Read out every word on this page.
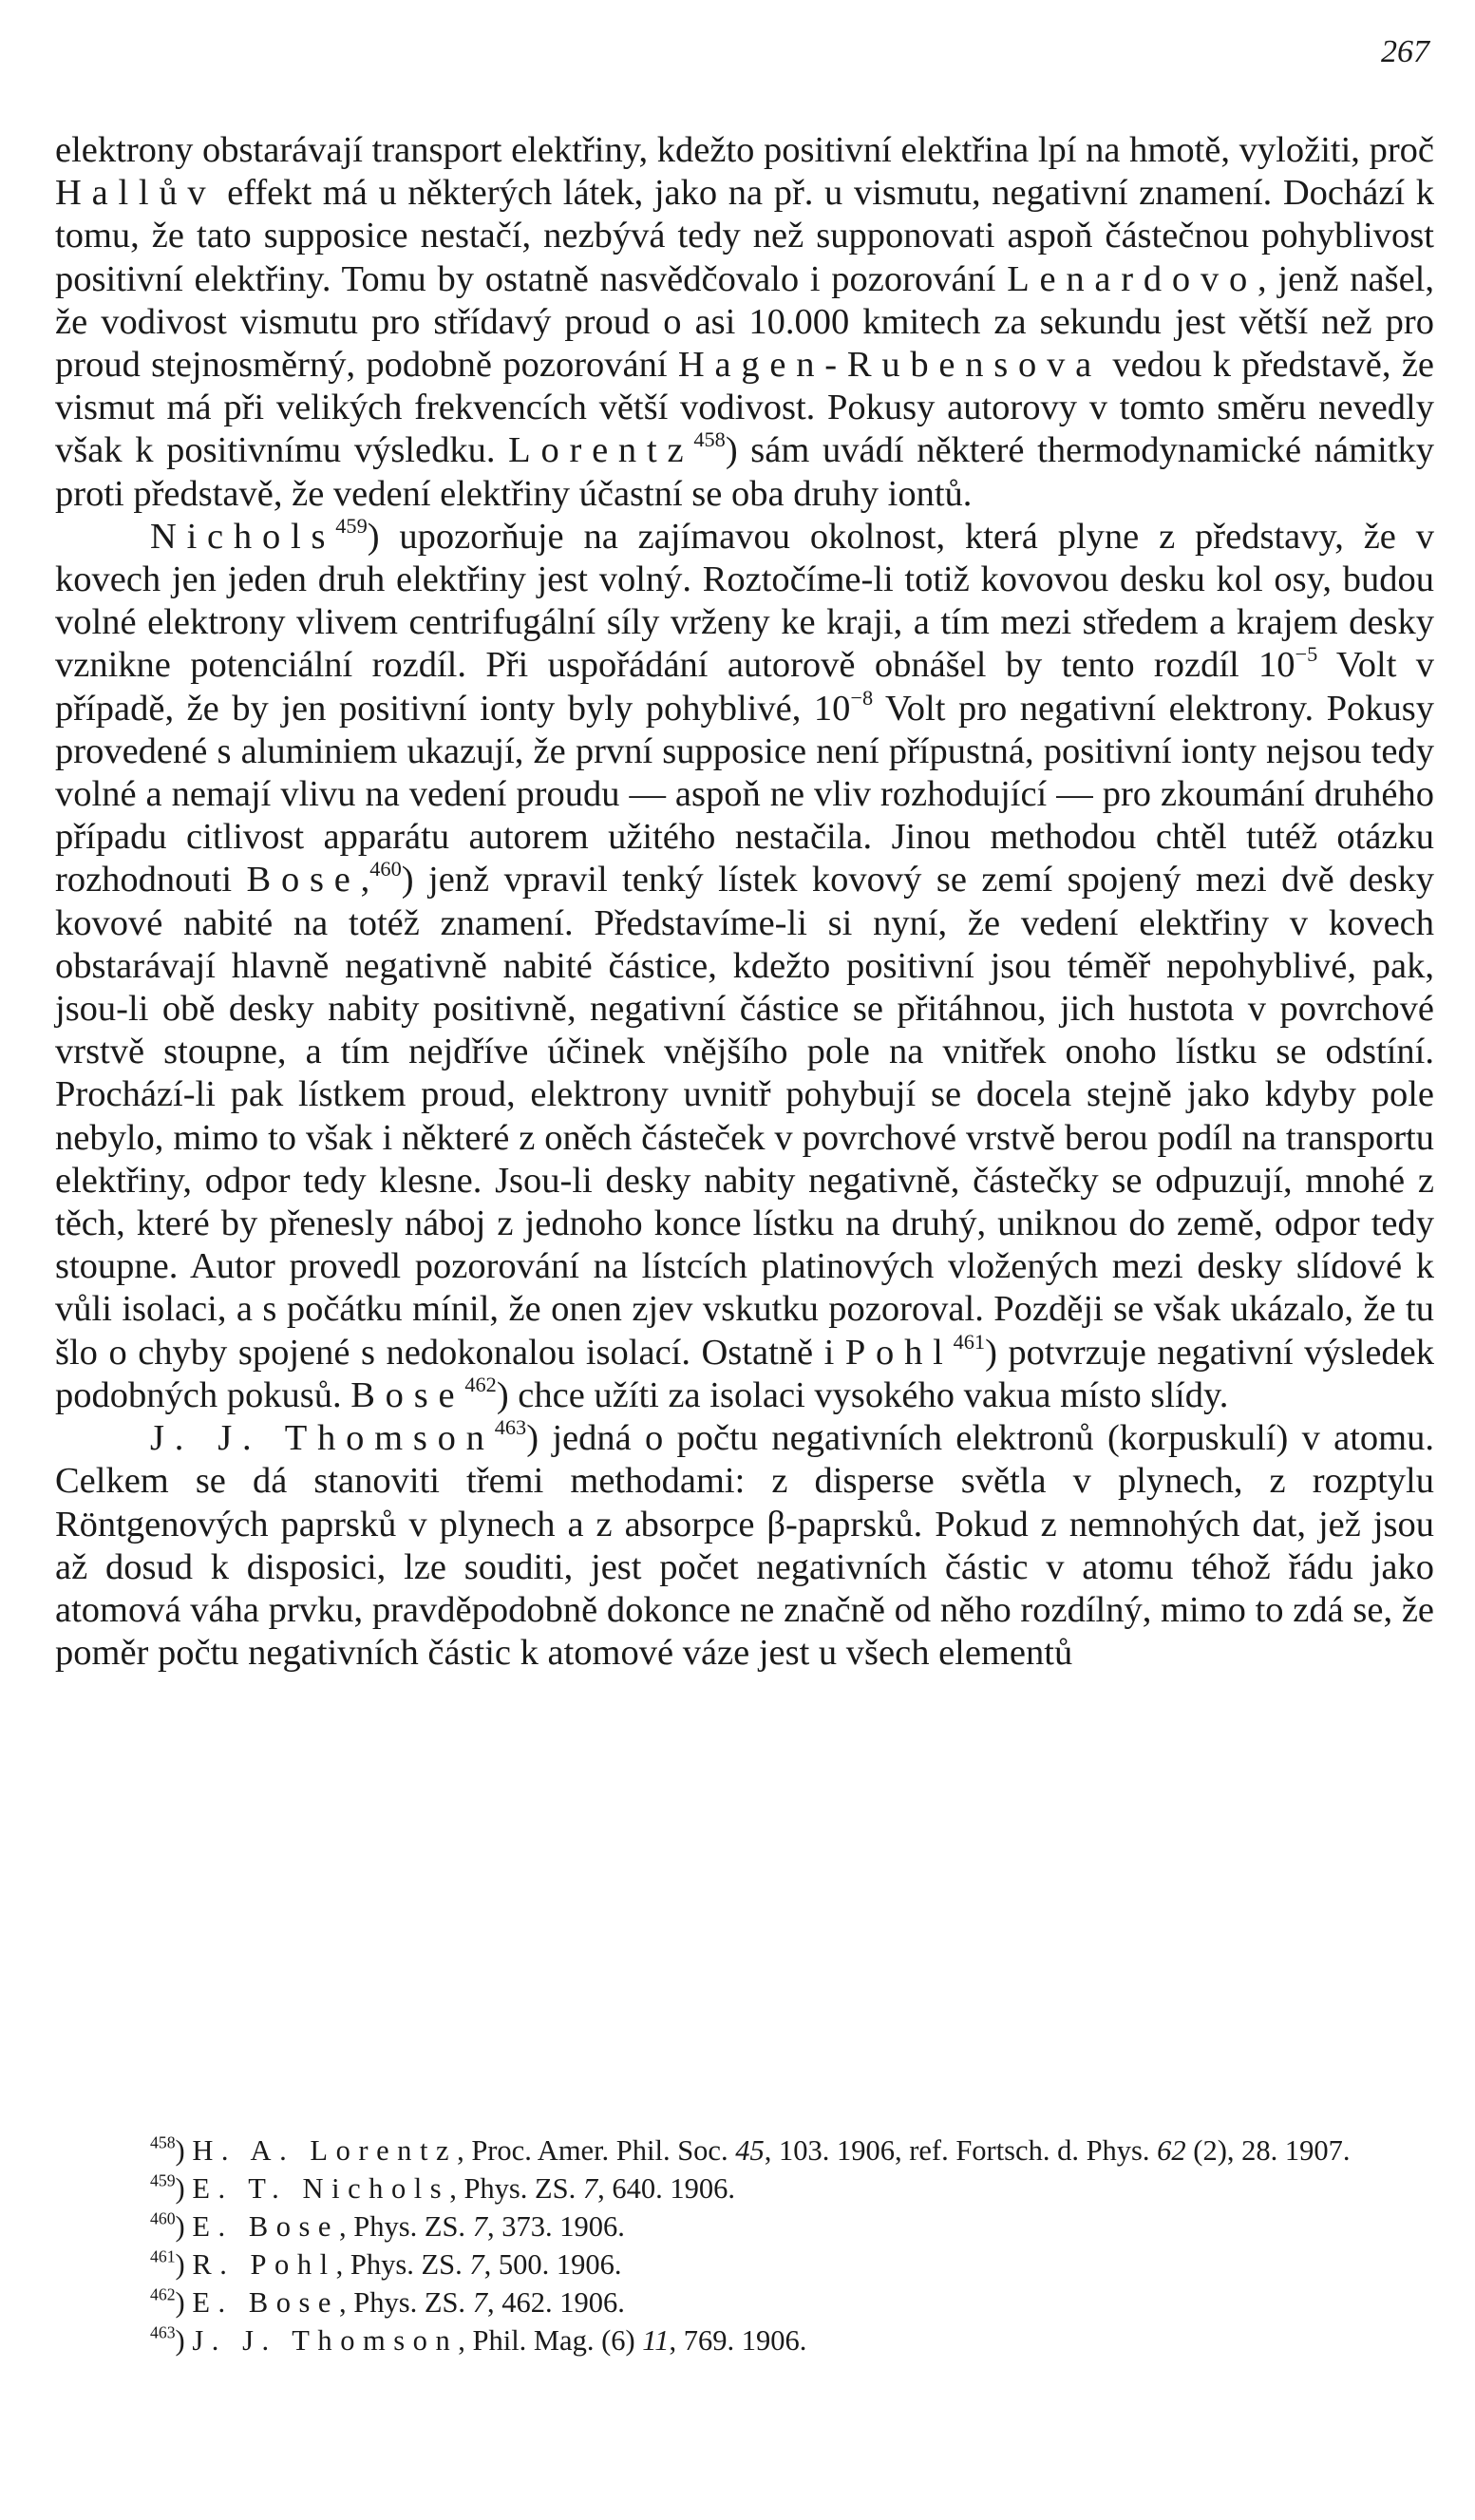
267

elektrony obstarávají transport elektřiny, kdežto positivní elektřina lpí na hmotě, vyložiti, proč Hallův effekt má u některých látek, jako na př. u vismutu, negativní znamení. Dochází k tomu, že tato supposice nestačí, nezbývá tedy než supponovati aspoň částečnou pohyblivost positivní elektřiny. Tomu by ostatně nasvědčovalo i pozorování Lenardovo, jenž našel, že vodivost vismutu pro střídavý proud o asi 10.000 kmitech za sekundu jest větší než pro proud stejnosměrný, podobně pozorování Hagen-Rubensova vedou k představě, že vismut má při velikých frekvencích větší vodivost. Pokusy autorovy v tomto směru nevedly však k positivnímu výsledku. Lorentz$^{458}$) sám uvádí některé thermodynamické námitky proti představě, že vedení elektřiny účastní se oba druhy iontů.

Nichols$^{459}$) upozorňuje na zajímavou okolnost, která plyne z představy, že v kovech jen jeden druh elektřiny jest volný. Roztočíme-li totiž kovovou desku kol osy, budou volné elektrony vlivem centrifugální síly vrženy ke kraji, a tím mezi středem a krajem desky vznikne potenciální rozdíl. Při uspořádání autorově obnášel by tento rozdíl $10^{-5}$ Volt v případě, že by jen positivní ionty byly pohyblivé, $10^{-8}$ Volt pro negativní elektrony. Pokusy provedené s aluminiem ukazují, že první supposice není přípustná, positivní ionty nejsou tedy volné a nemají vlivu na vedení proudu — aspoň ne vliv rozhodující — pro zkoumání druhého případu citlivost apparátu autorem užitého nestačila. Jinou methodou chtěl tutéž otázku rozhodnouti Bose,$^{460}$) jenž vpravil tenký lístek kovový se zemí spojený mezi dvě desky kovové nabité na totéž znamení. Představíme-li si nyní, že vedení elektřiny v kovech obstarávají hlavně negativně nabité částice, kdežto positivní jsou téměř nepohyblivé, pak, jsou-li obě desky nabity positivně, negativní částice se přitáhnou, jich hustota v povrchové vrstvě stoupne, a tím nejdříve účinek vnějšího pole na vnitřek onoho lístku se odstíní. Prochází-li pak lístkem proud, elektrony uvnitř pohybují se docela stejně jako kdyby pole nebylo, mimo to však i některé z oněch částeček v povrchové vrstvě berou podíl na transportu elektřiny, odpor tedy klesne. Jsou-li desky nabity negativně, částečky se odpuzují, mnohé z těch, které by přenesly náboj z jednoho konce lístku na druhý, uniknou do země, odpor tedy stoupne. Autor provedl pozorování na lístcích platinových vložených mezi desky slídové k vůli isolaci, a s počátku mínil, že onen zjev vskutku pozoroval. Později se však ukázalo, že tu šlo o chyby spojené s nedokonalou isolací. Ostatně i Pohl$^{461}$) potvrzuje negativní výsledek podobných pokusů. Bose$^{462}$) chce užíti za isolaci vysokého vakua místo slídy.

J. J. Thomson$^{463}$) jedná o počtu negativních elektronů (korpuskulí) v atomu. Celkem se dá stanoviti třemi methodami: z disperse světla v plynech, z rozptylu Röntgenových paprsků v plynech a z absorpce β-paprsků. Pokud z nemnohých dat, jež jsou až dosud k disposici, lze souditi, jest počet negativních částic v atomu téhož řádu jako atomová váha prvku, pravděpodobně dokonce ne značně od něho rozdílný, mimo to zdá se, že poměr počtu negativních částic k atomové váze jest u všech elementů

$^{458}$) H. A. Lorentz, Proc. Amer. Phil. Soc. 45, 103. 1906, ref. Fortsch. d. Phys. 62 (2), 28. 1907.

$^{459}$) E. T. Nichols, Phys. ZS. 7, 640. 1906.

$^{460}$) E. Bose, Phys. ZS. 7, 373. 1906.

$^{461}$) R. Pohl, Phys. ZS. 7, 500. 1906.

$^{462}$) E. Bose, Phys. ZS. 7, 462. 1906.

$^{463}$) J. J. Thomson, Phil. Mag. (6) 11, 769. 1906.
